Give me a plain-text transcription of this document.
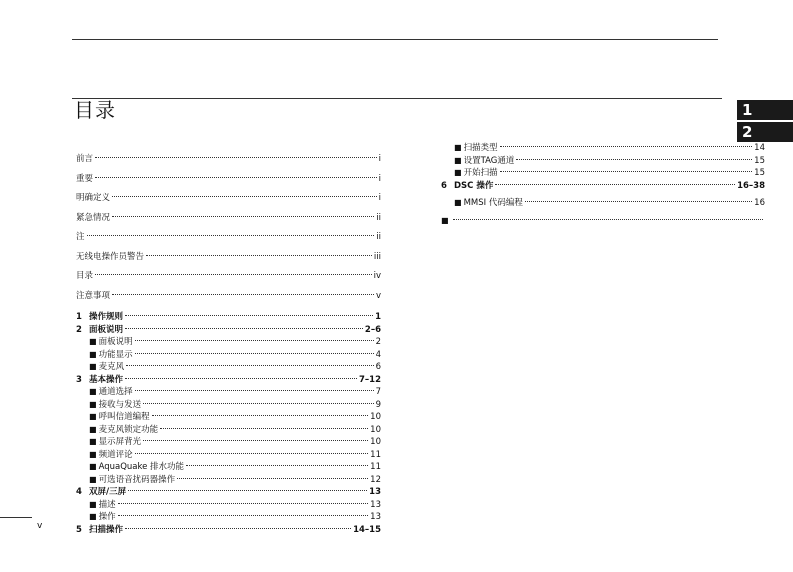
目录	1
2
前言	i
重要	i
明确定义	i
紧急情况	ii
注	ii
无线电操作员警告	iii
目录	iv
注意事项	v
1 操作规则	1
2 面板说明	2–6
■ 面板说明	2
■ 功能显示	4
■ 麦克风	6
3 基本操作	7–12
■ 通道选择	7
■ 接收与发送	9
■ 呼叫信道编程	10
■ 麦克风锁定功能	10
■ 显示屏背光	10
■ 频道评论	11
■ AquaQuake 排水功能	11
■ 可选语音扰码器操作	12
4 双屏/三屏	13
■ 描述	13
■ 操作	13
5 扫描操作	14–15
■ 扫描类型	14
■ 设置TAG通道	15
■ 开始扫描	15
6 DSC 操作	16–38
■ MMSI 代码编程	16
■
v
